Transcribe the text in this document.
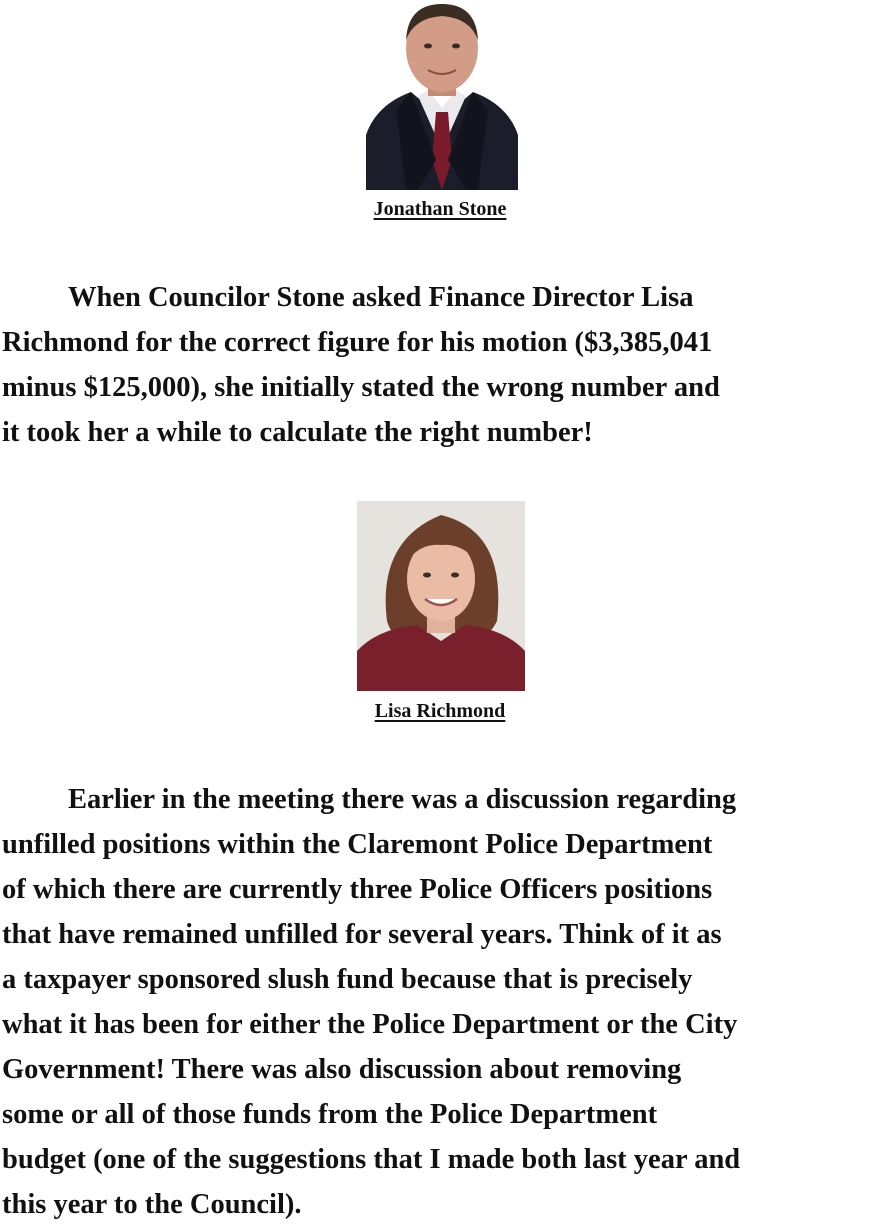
Jonathan Stone
When Councilor Stone asked Finance Director Lisa
Richmond for the correct figure for his motion ($3,385,041
minus $125,000), she initially stated the wrong number and
it took her a while to calculate the right number!
Lisa Richmond
Earlier in the meeting there was a discussion regarding
unfilled positions within the Claremont Police Department
of which there are currently three Police Officers positions
that have remained unfilled for several years. Think of it as
a taxpayer sponsored slush fund because that is precisely
what it has been for either the Police Department or the City
Government! There was also discussion about removing
some or all of those funds from the Police Department
budget (one of the suggestions that I made both last year and
this year to the Council).
